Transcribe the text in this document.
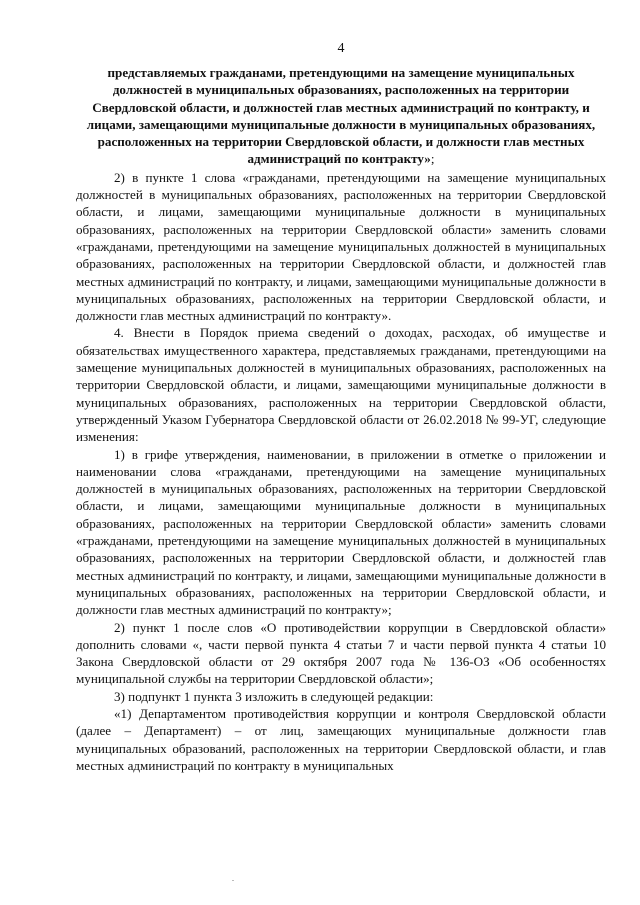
4
представляемых гражданами, претендующими на замещение муниципальных должностей в муниципальных образованиях, расположенных на территории Свердловской области, и должностей глав местных администраций по контракту, и лицами, замещающими муниципальные должности в муниципальных образованиях, расположенных на территории Свердловской области, и должности глав местных администраций по контракту»;

2) в пункте 1 слова «гражданами, претендующими на замещение муниципальных должностей в муниципальных образованиях, расположенных на территории Свердловской области, и лицами, замещающими муниципальные должности в муниципальных образованиях, расположенных на территории Свердловской области» заменить словами «гражданами, претендующими на замещение муниципальных должностей в муниципальных образованиях, расположенных на территории Свердловской области, и должностей глав местных администраций по контракту, и лицами, замещающими муниципальные должности в муниципальных образованиях, расположенных на территории Свердловской области, и должности глав местных администраций по контракту».

4. Внести в Порядок приема сведений о доходах, расходах, об имуществе и обязательствах имущественного характера, представляемых гражданами, претендующими на замещение муниципальных должностей в муниципальных образованиях, расположенных на территории Свердловской области, и лицами, замещающими муниципальные должности в муниципальных образованиях, расположенных на территории Свердловской области, утвержденный Указом Губернатора Свердловской области от 26.02.2018 № 99-УГ, следующие изменения:

1) в грифе утверждения, наименовании, в приложении в отметке о приложении и наименовании слова «гражданами, претендующими на замещение муниципальных должностей в муниципальных образованиях, расположенных на территории Свердловской области, и лицами, замещающими муниципальные должности в муниципальных образованиях, расположенных на территории Свердловской области» заменить словами «гражданами, претендующими на замещение муниципальных должностей в муниципальных образованиях, расположенных на территории Свердловской области, и должностей глав местных администраций по контракту, и лицами, замещающими муниципальные должности в муниципальных образованиях, расположенных на территории Свердловской области, и должности глав местных администраций по контракту»;

2) пункт 1 после слов «О противодействии коррупции в Свердловской области» дополнить словами «, части первой пункта 4 статьи 7 и части первой пункта 4 статьи 10 Закона Свердловской области от 29 октября 2007 года № 136-ОЗ «Об особенностях муниципальной службы на территории Свердловской области»;

3) подпункт 1 пункта 3 изложить в следующей редакции:

«1) Департаментом противодействия коррупции и контроля Свердловской области (далее – Департамент) – от лиц, замещающих муниципальные должности глав муниципальных образований, расположенных на территории Свердловской области, и глав местных администраций по контракту в муниципальных
